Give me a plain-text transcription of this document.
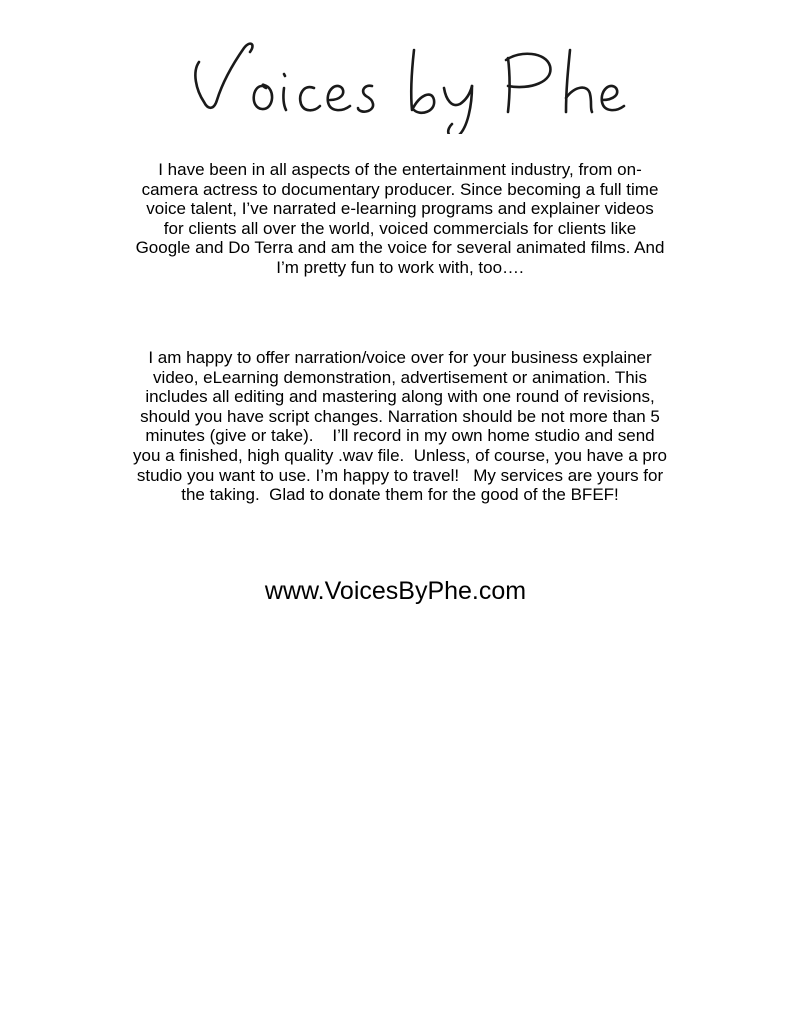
I have been in all aspects of the entertainment industry, from on-
camera actress to documentary producer. Since becoming a full time
voice talent, I’ve narrated e-learning programs and explainer videos
for clients all over the world, voiced commercials for clients like
Google and Do Terra and am the voice for several animated films. And
I’m pretty fun to work with, too….

I am happy to offer narration/voice over for your business explainer
video, eLearning demonstration, advertisement or animation. This
includes all editing and mastering along with one round of revisions,
should you have script changes. Narration should be not more than 5
minutes (give or take).    I’ll record in my own home studio and send
you a finished, high quality .wav file.  Unless, of course, you have a pro
studio you want to use. I’m happy to travel!   My services are yours for
the taking.  Glad to donate them for the good of the BFEF!

www.VoicesByPhe.com
